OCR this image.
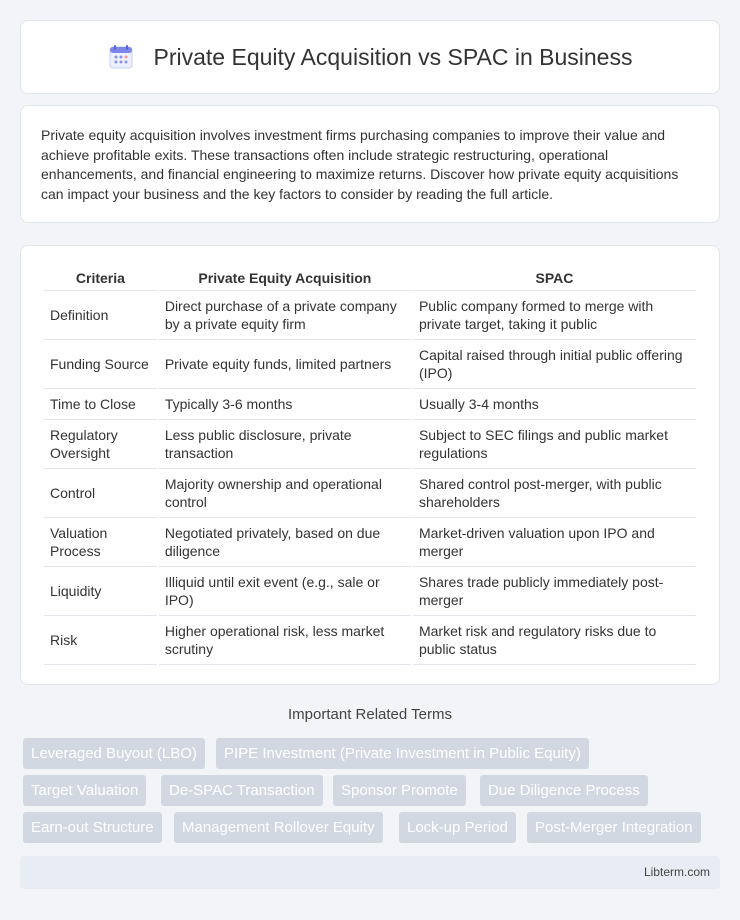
Private Equity Acquisition vs SPAC in Business

Private equity acquisition involves investment firms purchasing companies to improve their value and achieve profitable exits. These transactions often include strategic restructuring, operational enhancements, and financial engineering to maximize returns. Discover how private equity acquisitions can impact your business and the key factors to consider by reading the full article.

Criteria	Private Equity Acquisition	SPAC
Definition	Direct purchase of a private company by a private equity firm	Public company formed to merge with private target, taking it public
Funding Source	Private equity funds, limited partners	Capital raised through initial public offering (IPO)
Time to Close	Typically 3-6 months	Usually 3-4 months
Regulatory Oversight	Less public disclosure, private transaction	Subject to SEC filings and public market regulations
Control	Majority ownership and operational control	Shared control post-merger, with public shareholders
Valuation Process	Negotiated privately, based on due diligence	Market-driven valuation upon IPO and merger
Liquidity	Illiquid until exit event (e.g., sale or IPO)	Shares trade publicly immediately post-merger
Risk	Higher operational risk, less market scrutiny	Market risk and regulatory risks due to public status
Important Related Terms
Leveraged Buyout (LBO)	PIPE Investment (Private Investment in Public Equity)
Target Valuation	De-SPAC Transaction	Sponsor Promote	Due Diligence Process
Earn-out Structure	Management Rollover Equity	Lock-up Period	Post-Merger Integration
Libterm.com
